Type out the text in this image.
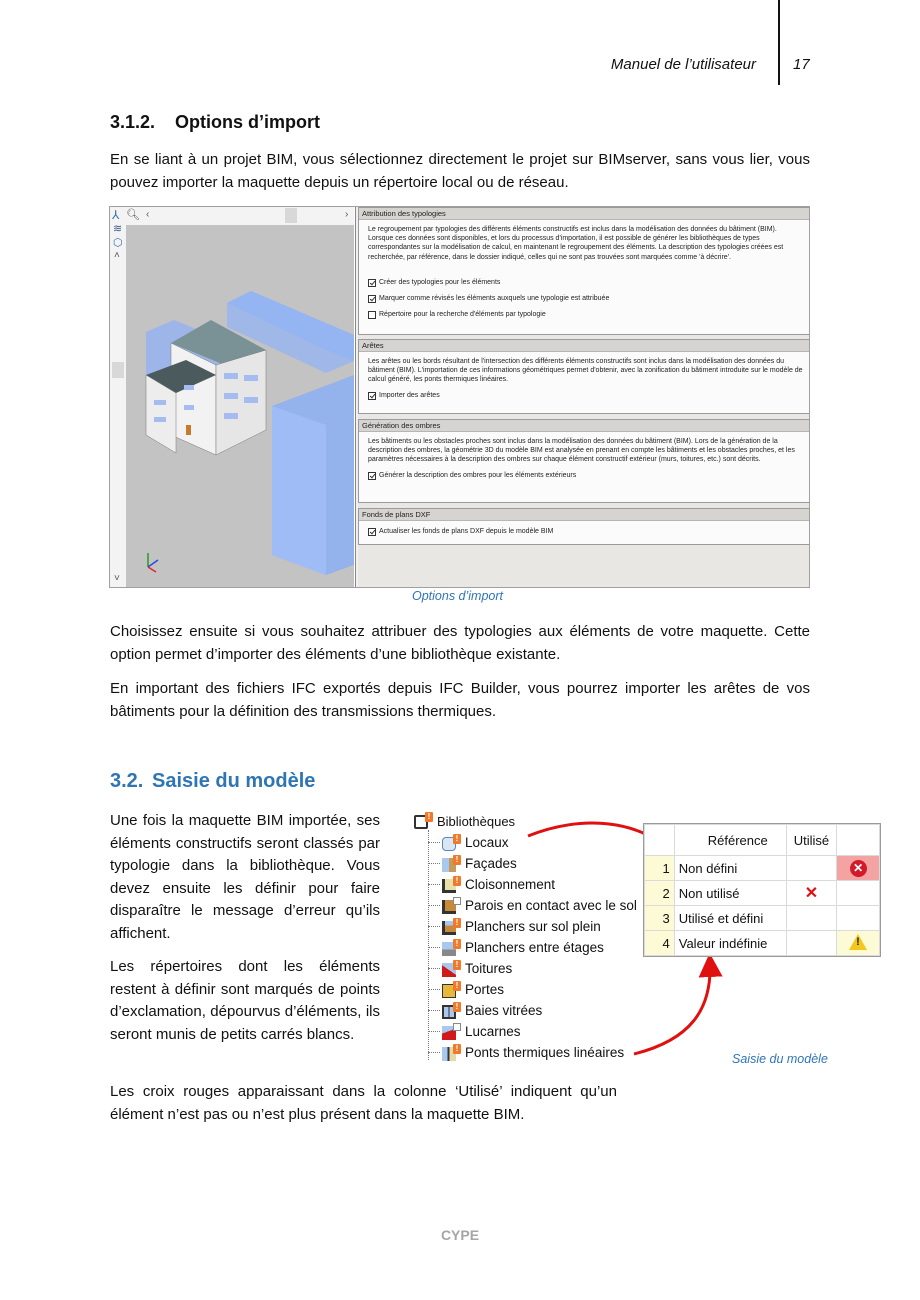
Manuel de l’utilisateur 17
3.1.2. Options d’import
En se liant à un projet BIM, vous sélectionnez directement le projet sur BIMserver, sans vous lier, vous pouvez importer la maquette depuis un répertoire local ou de réseau.
⅄
≋
⬡
˄
˅
🔍︎ ‹	›	Attribution des typologies
Le regroupement par typologies des différents éléments constructifs est inclus dans la modélisation des données du bâtiment (BIM). Lorsque ces données sont disponibles, et lors du processus d'importation, il est possible de générer les bibliothèques de types correspondantes sur la modélisation de calcul, en maintenant le regroupement des éléments. La description des typologies créées est recherchée, par référence, dans le dossier indiqué, celles qui ne sont pas trouvées sont marquées comme 'à décrire'.
Créer des typologies pour les éléments
Marquer comme révisés les éléments auxquels une typologie est attribuée
Répertoire pour la recherche d'éléments par typologie
Arêtes
Les arêtes ou les bords résultant de l'intersection des différents éléments constructifs sont inclus dans la modélisation des données du bâtiment (BIM). L'importation de ces informations géométriques permet d'obtenir, avec la zonification du bâtiment introduite sur le modèle de calcul généré, les ponts thermiques linéaires.
Importer des arêtes
Génération des ombres
Les bâtiments ou les obstacles proches sont inclus dans la modélisation des données du bâtiment (BIM). Lors de la génération de la description des ombres, la géométrie 3D du modèle BIM est analysée en prenant en compte les bâtiments et les obstacles proches, et les paramètres nécessaires à la description des ombres sur chaque élément constructif extérieur (murs, toitures, etc.) sont décrits.
Générer la description des ombres pour les éléments extérieurs
Fonds de plans DXF
Actualiser les fonds de plans DXF depuis le modèle BIM
Options d’import
Choisissez ensuite si vous souhaitez attribuer des typologies aux éléments de votre maquette. Cette option permet d’importer des éléments d’une bibliothèque existante.
En important des fichiers IFC exportés depuis IFC Builder, vous pourrez importer les arêtes de vos bâtiments pour la définition des transmissions thermiques.
3.2. Saisie du modèle
Une fois la maquette BIM importée, ses éléments constructifs seront classés par typologie dans la bibliothèque. Vous devez ensuite les définir pour faire disparaître le message d’erreur qu’ils affichent.
Les répertoires dont les éléments restent à définir sont marqués de points d’exclamation, dépourvus d’éléments, ils seront munis de petits carrés blancs.
Les croix rouges apparaissant dans la colonne ‘Utilisé’ indiquent qu’un élément n’est pas ou n’est plus présent dans la maquette BIM.
! Bibliothèques
! Locaux
! Façades
! Cloisonnement
Parois en contact avec le sol
! Planchers sur sol plein
! Planchers entre étages
! Toitures
! Portes
! Baies vitrées
Lucarnes
! Ponts thermiques linéaires
	Référence	Utilisé	
1	Non défini		✕
2	Non utilisé	✕	
3	Utilisé et défini		
4	Valeur indéfinie		!
Saisie du modèle
CYPE
